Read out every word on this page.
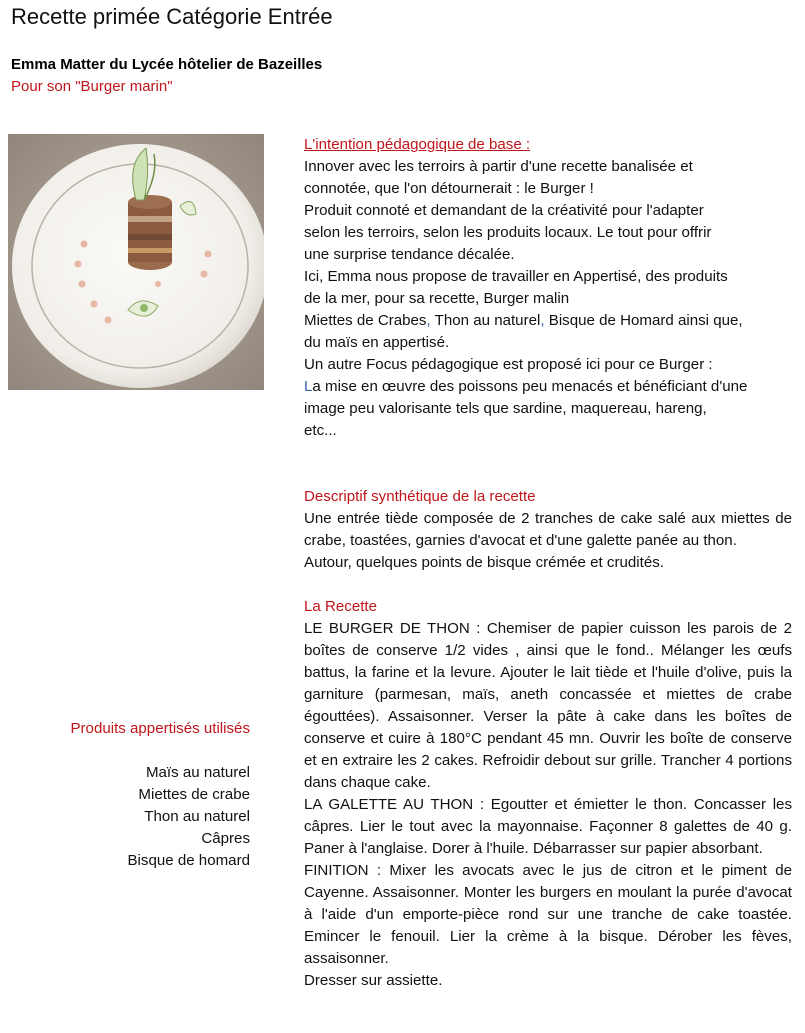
Recette primée Catégorie Entrée
Emma Matter du Lycée hôtelier de Bazeilles
Pour son "Burger marin"

L'intention pédagogique de base :

Innover avec les terroirs à partir d'une recette banalisée et

connotée, que l'on détournerait : le Burger !

Produit connoté et demandant de la créativité pour l'adapter

selon les terroirs, selon les produits locaux. Le tout pour offrir

une surprise tendance décalée.

Ici, Emma nous propose de travailler en Appertisé, des produits

de la mer, pour sa recette, Burger malin

Miettes de Crabes, Thon au naturel, Bisque de Homard ainsi que,

du maïs en appertisé.

Un autre Focus pédagogique est proposé ici pour ce Burger :

La mise en œuvre des poissons peu menacés et bénéficiant d'une

image peu valorisante tels que sardine, maquereau, hareng,

etc...

Descriptif synthétique de la recette

Une entrée tiède composée de 2 tranches de cake salé aux miettes de crabe, toastées, garnies d'avocat et d'une galette panée au thon.

Autour, quelques points de bisque crémée et crudités.

La Recette

LE BURGER DE THON : Chemiser de papier cuisson les parois de 2 boîtes de conserve 1/2 vides , ainsi que le fond.. Mélanger les œufs battus, la farine et la levure. Ajouter le lait tiède et l'huile d'olive, puis la garniture (parmesan, maïs, aneth concassée et miettes de crabe égouttées). Assaisonner. Verser la pâte à cake dans les boîtes de conserve et cuire à 180°C pendant 45 mn. Ouvrir les boîte de conserve et en extraire les 2 cakes. Refroidir debout sur grille. Trancher 4 portions dans chaque cake.

LA GALETTE AU THON : Egoutter et émietter le thon. Concasser les câpres. Lier le tout avec la mayonnaise. Façonner 8 galettes de 40 g. Paner à l'anglaise. Dorer à l'huile. Débarrasser sur papier absorbant.

FINITION : Mixer les avocats avec le jus de citron et le piment de Cayenne. Assaisonner. Monter les burgers en moulant la purée d'avocat à l'aide d'un emporte-pièce rond sur une tranche de cake toastée. Emincer le fenouil. Lier la crème à la bisque. Dérober les fèves, assaisonner.

Dresser sur assiette.

Produits appertisés utilisés
Maïs au naturel
Miettes de crabe
Thon au naturel
Câpres
Bisque de homard
